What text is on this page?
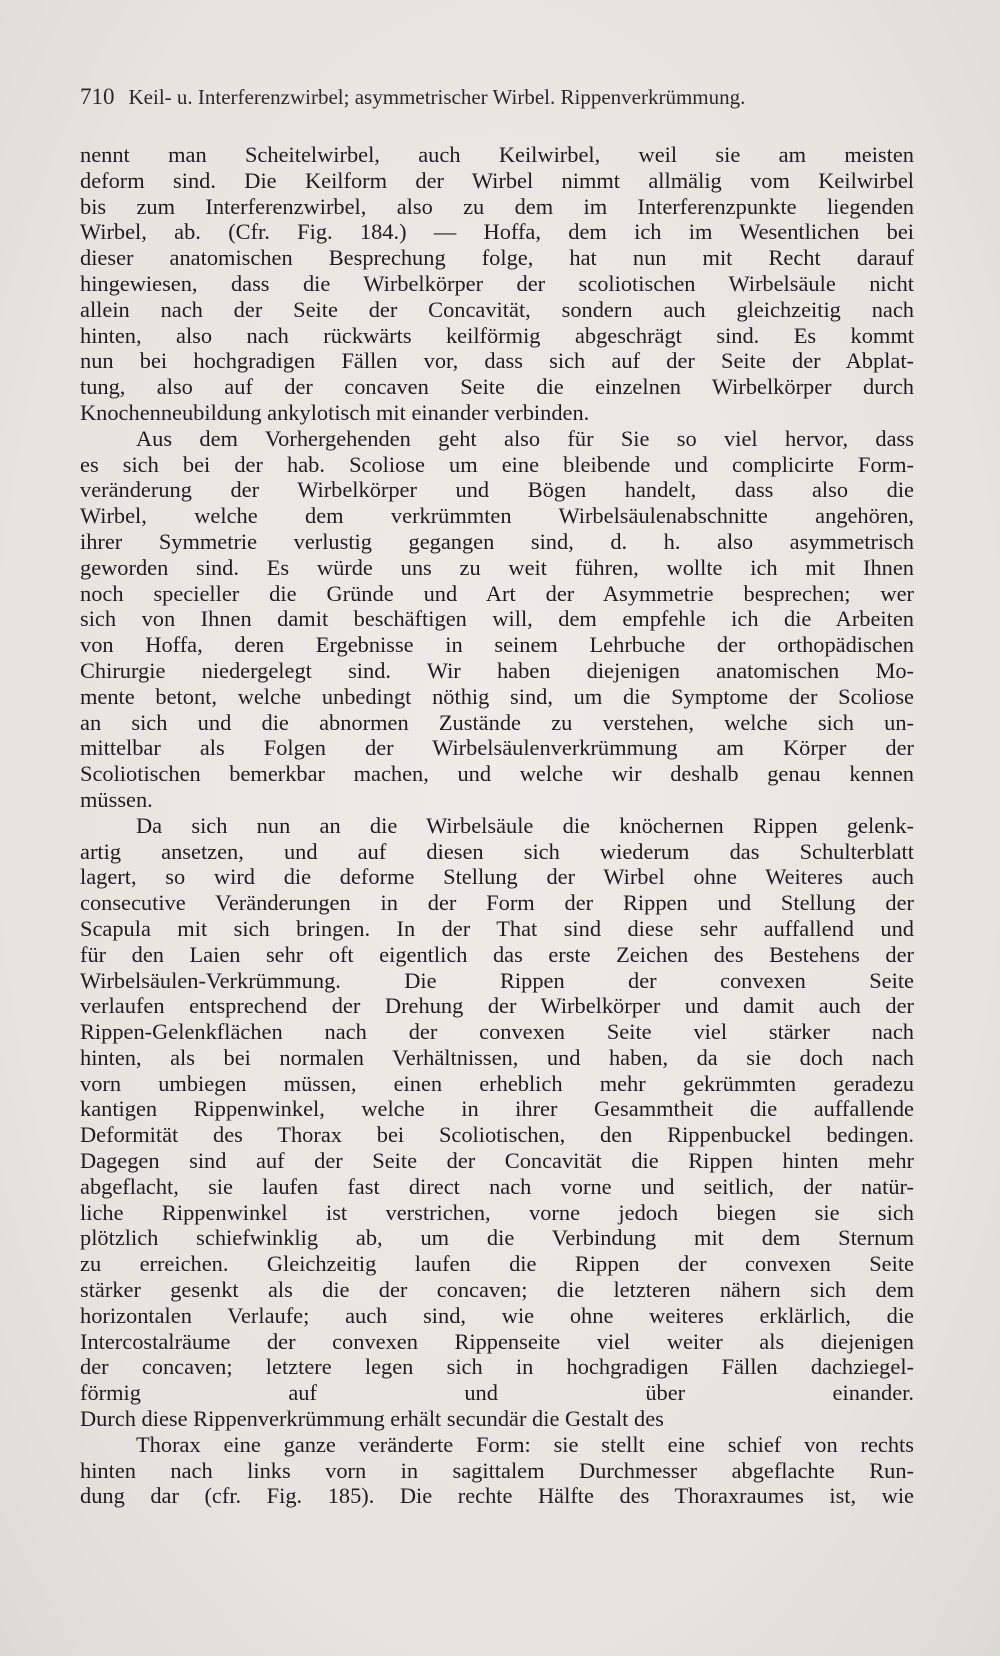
710 Keil- u. Interferenzwirbel; asymmetrischer Wirbel. Rippenverkrümmung.
nennt man Scheitelwirbel, auch Keilwirbel, weil sie am meisten
deform sind. Die Keilform der Wirbel nimmt allmälig vom Keilwirbel
bis zum Interferenzwirbel, also zu dem im Interferenzpunkte liegenden
Wirbel, ab. (Cfr. Fig. 184.) — Hoffa, dem ich im Wesentlichen bei
dieser anatomischen Besprechung folge, hat nun mit Recht darauf
hingewiesen, dass die Wirbelkörper der scoliotischen Wirbelsäule nicht
allein nach der Seite der Concavität, sondern auch gleichzeitig nach
hinten, also nach rückwärts keilförmig abgeschrägt sind. Es kommt
nun bei hochgradigen Fällen vor, dass sich auf der Seite der Abplat-
tung, also auf der concaven Seite die einzelnen Wirbelkörper durch
Knochenneubildung ankylotisch mit einander verbinden.
Aus dem Vorhergehenden geht also für Sie so viel hervor, dass
es sich bei der hab. Scoliose um eine bleibende und complicirte Form-
veränderung der Wirbelkörper und Bögen handelt, dass also die
Wirbel, welche dem verkrümmten Wirbelsäulenabschnitte angehören,
ihrer Symmetrie verlustig gegangen sind, d. h. also asymmetrisch
geworden sind. Es würde uns zu weit führen, wollte ich mit Ihnen
noch specieller die Gründe und Art der Asymmetrie besprechen; wer
sich von Ihnen damit beschäftigen will, dem empfehle ich die Arbeiten
von Hoffa, deren Ergebnisse in seinem Lehrbuche der orthopädischen
Chirurgie niedergelegt sind. Wir haben diejenigen anatomischen Mo-
mente betont, welche unbedingt nöthig sind, um die Symptome der Scoliose
an sich und die abnormen Zustände zu verstehen, welche sich un-
mittelbar als Folgen der Wirbelsäulenverkrümmung am Körper der
Scoliotischen bemerkbar machen, und welche wir deshalb genau kennen
müssen.
Da sich nun an die Wirbelsäule die knöchernen Rippen gelenk-
artig ansetzen, und auf diesen sich wiederum das Schulterblatt
lagert, so wird die deforme Stellung der Wirbel ohne Weiteres auch
consecutive Veränderungen in der Form der Rippen und Stellung der
Scapula mit sich bringen. In der That sind diese sehr auffallend und
für den Laien sehr oft eigentlich das erste Zeichen des Bestehens der
Wirbelsäulen-Verkrümmung. Die Rippen der convexen Seite
verlaufen entsprechend der Drehung der Wirbelkörper und damit auch der
Rippen-Gelenkflächen nach der convexen Seite viel stärker nach
hinten, als bei normalen Verhältnissen, und haben, da sie doch nach
vorn umbiegen müssen, einen erheblich mehr gekrümmten geradezu
kantigen Rippenwinkel, welche in ihrer Gesammtheit die auffallende
Deformität des Thorax bei Scoliotischen, den Rippenbuckel bedingen.
Dagegen sind auf der Seite der Concavität die Rippen hinten mehr
abgeflacht, sie laufen fast direct nach vorne und seitlich, der natür-
liche Rippenwinkel ist verstrichen, vorne jedoch biegen sie sich
plötzlich schiefwinklig ab, um die Verbindung mit dem Sternum
zu erreichen. Gleichzeitig laufen die Rippen der convexen Seite
stärker gesenkt als die der concaven; die letzteren nähern sich dem
horizontalen Verlaufe; auch sind, wie ohne weiteres erklärlich, die
Intercostalräume der convexen Rippenseite viel weiter als diejenigen
der concaven; letztere legen sich in hochgradigen Fällen dachziegel-
förmig auf und über einander.
Durch diese Rippenverkrümmung erhält secundär die Gestalt des
Thorax eine ganze veränderte Form: sie stellt eine schief von rechts
hinten nach links vorn in sagittalem Durchmesser abgeflachte Run-
dung dar (cfr. Fig. 185). Die rechte Hälfte des Thoraxraumes ist, wie
